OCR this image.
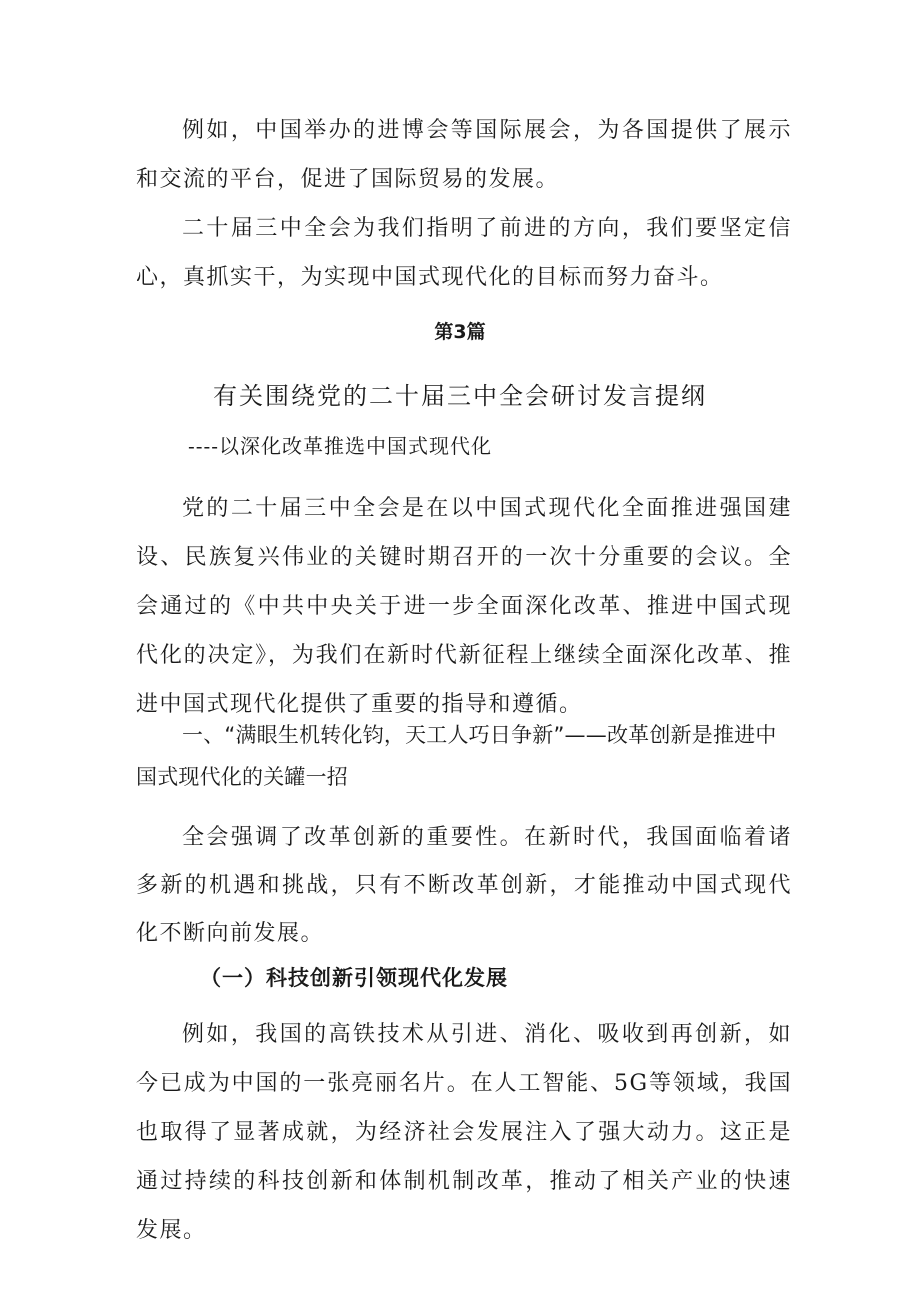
例如，中国举办的进博会等国际展会，为各国提供了展示和交流的平台，促进了国际贸易的发展。

二十届三中全会为我们指明了前进的方向，我们要坚定信心，真抓实干，为实现中国式现代化的目标而努力奋斗。

第3篇
有关围绕党的二十届三中全会研讨发言提纲

----以深化改革推选中国式现代化

党的二十届三中全会是在以中国式现代化全面推进强国建设、民族复兴伟业的关键时期召开的一次十分重要的会议。全会通过的《中共中央关于进一步全面深化改革、推进中国式现代化的决定》，为我们在新时代新征程上继续全面深化改革、推进中国式现代化提供了重要的指导和遵循。

一、“满眼生机转化钧，天工人巧日争新”——改革创新是推进中国式现代化的关罐一招

全会强调了改革创新的重要性。在新时代，我国面临着诸多新的机遇和挑战，只有不断改革创新，才能推动中国式现代化不断向前发展。

（一）科技创新引领现代化发展

例如，我国的高铁技术从引进、消化、吸收到再创新，如今已成为中国的一张亮丽名片。在人工智能、5G等领域，我国也取得了显著成就，为经济社会发展注入了强大动力。这正是通过持续的科技创新和体制机制改革，推动了相关产业的快速发展。
